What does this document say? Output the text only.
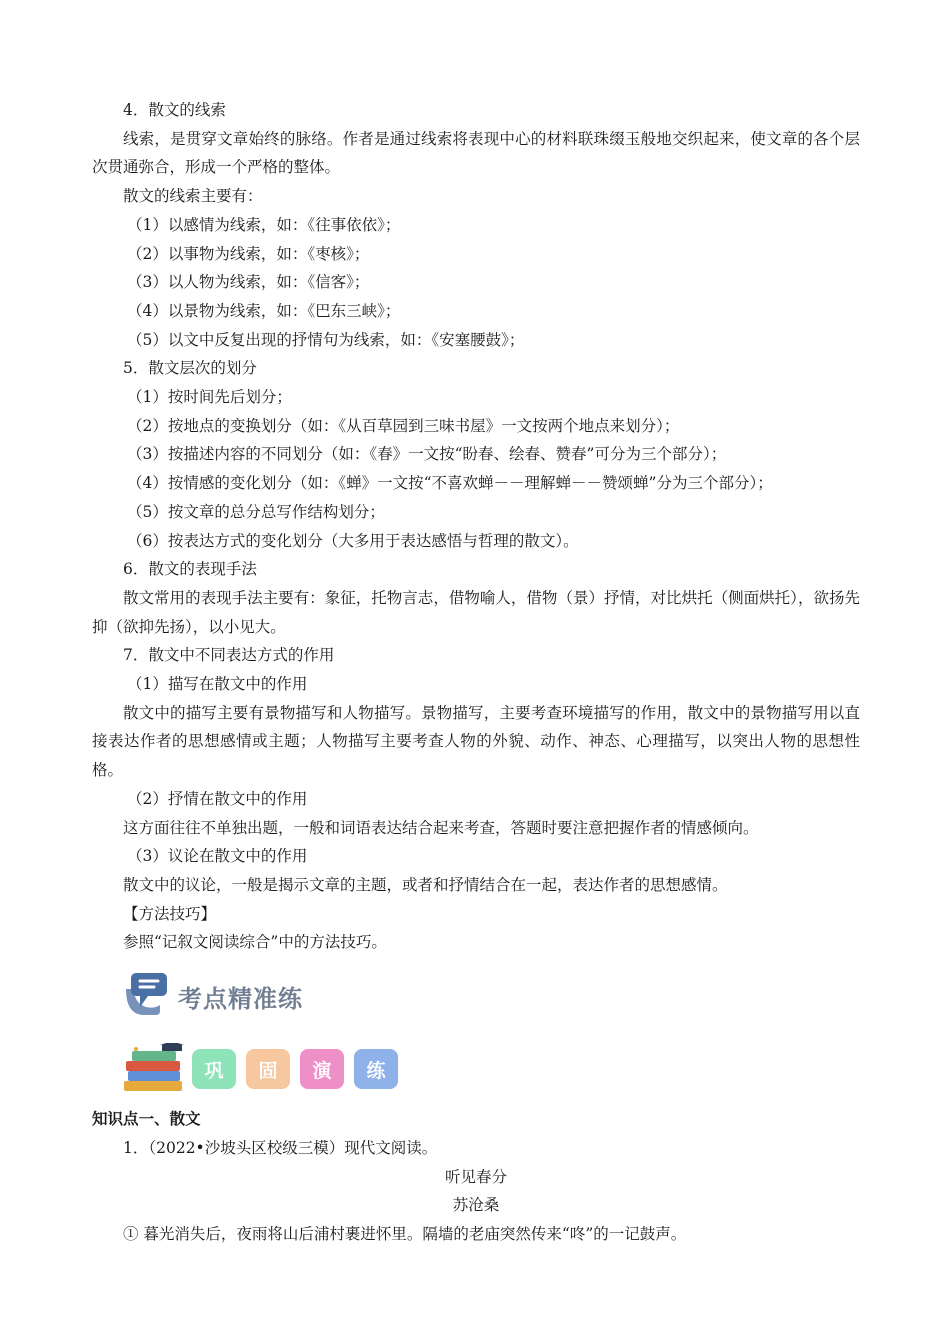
4．散文的线索

线索，是贯穿文章始终的脉络。作者是通过线索将表现中心的材料联珠缀玉般地交织起来，使文章的各个层次贯通弥合，形成一个严格的整体。

散文的线索主要有：

（1）以感情为线索，如：《往事依依》；

（2）以事物为线索，如：《枣核》；

（3）以人物为线索，如：《信客》；

（4）以景物为线索，如：《巴东三峡》；

（5）以文中反复出现的抒情句为线索，如：《安塞腰鼓》；

5．散文层次的划分

（1）按时间先后划分；

（2）按地点的变换划分（如：《从百草园到三味书屋》一文按两个地点来划分）；

（3）按描述内容的不同划分（如：《春》一文按“盼春、绘春、赞春”可分为三个部分）；

（4）按情感的变化划分（如：《蝉》一文按“不喜欢蝉－－理解蝉－－赞颂蝉”分为三个部分）；

（5）按文章的总分总写作结构划分；

（6）按表达方式的变化划分（大多用于表达感悟与哲理的散文）。

6．散文的表现手法

散文常用的表现手法主要有：象征，托物言志，借物喻人，借物（景）抒情，对比烘托（侧面烘托），欲扬先抑（欲抑先扬），以小见大。

7．散文中不同表达方式的作用

（1）描写在散文中的作用

散文中的描写主要有景物描写和人物描写。景物描写，主要考查环境描写的作用，散文中的景物描写用以直接表达作者的思想感情或主题；人物描写主要考查人物的外貌、动作、神态、心理描写，以突出人物的思想性格。

（2）抒情在散文中的作用

这方面往往不单独出题，一般和词语表达结合起来考查，答题时要注意把握作者的情感倾向。

（3）议论在散文中的作用

散文中的议论，一般是揭示文章的主题，或者和抒情结合在一起，表达作者的思想感情。

【方法技巧】

参照“记叙文阅读综合”中的方法技巧。

考点精准练
巩	固	演	练

知识点一、散文

1．（2022•沙坡头区校级三模）现代文阅读。

听见春分

苏沧桑

① 暮光消失后，夜雨将山后浦村裹进怀里。隔墙的老庙突然传来“咚”的一记鼓声。
